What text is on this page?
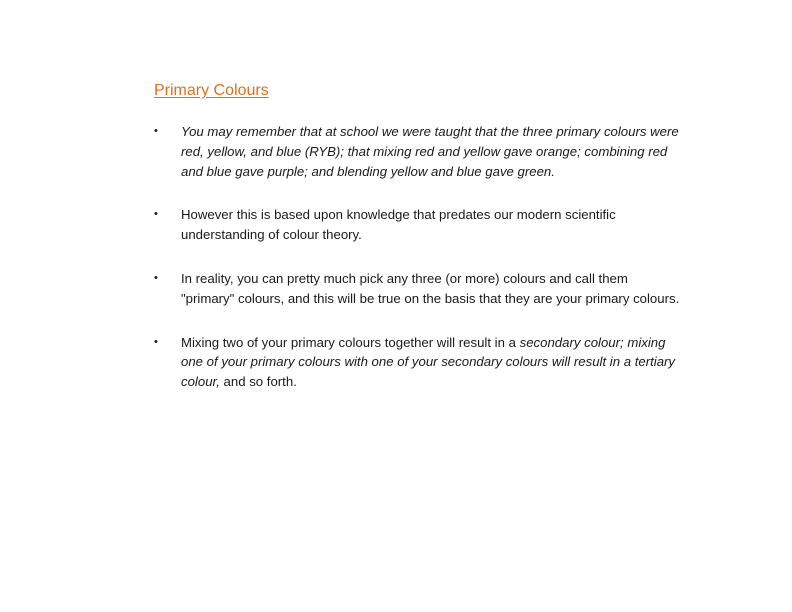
Primary Colours
• You may remember that at school we were taught that the three primary colours were red, yellow, and blue (RYB); that mixing red and yellow gave orange; combining red and blue gave purple; and blending yellow and blue gave green.
• However this is based upon knowledge that predates our modern scientific understanding of colour theory.
• In reality, you can pretty much pick any three (or more) colours and call them "primary" colours, and this will be true on the basis that they are your primary colours.
• Mixing two of your primary colours together will result in a secondary colour; mixing one of your primary colours with one of your secondary colours will result in a tertiary colour, and so forth.
